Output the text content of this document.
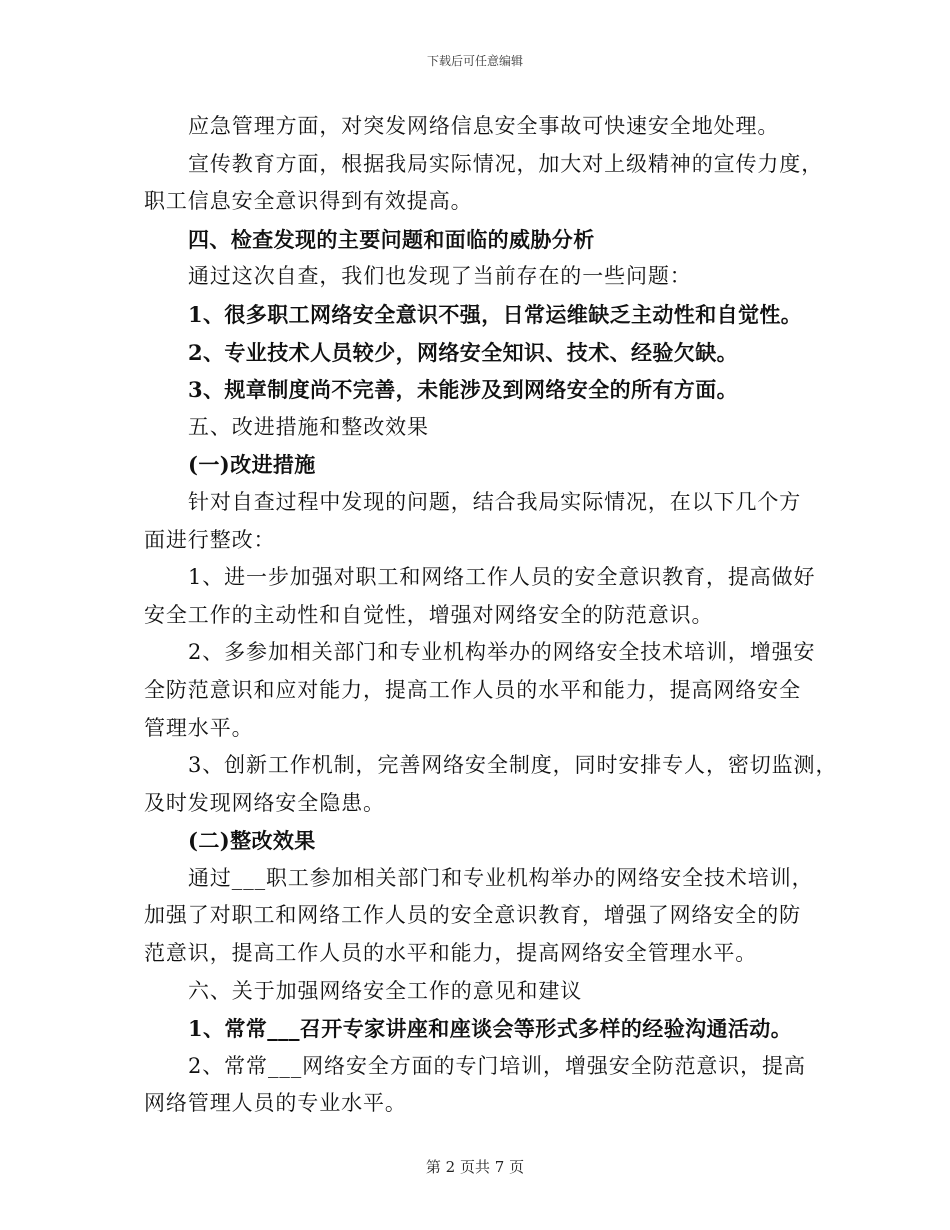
下载后可任意编辑
应急管理方面，对突发网络信息安全事故可快速安全地处理。
宣传教育方面，根据我局实际情况，加大对上级精神的宣传力度，
职工信息安全意识得到有效提高。
四、检查发现的主要问题和面临的威胁分析
通过这次自查，我们也发现了当前存在的一些问题：
1、很多职工网络安全意识不强，日常运维缺乏主动性和自觉性。
2、专业技术人员较少，网络安全知识、技术、经验欠缺。
3、规章制度尚不完善，未能涉及到网络安全的所有方面。
五、改进措施和整改效果
(一)改进措施
针对自查过程中发现的问题，结合我局实际情况，在以下几个方
面进行整改：
1、进一步加强对职工和网络工作人员的安全意识教育，提高做好
安全工作的主动性和自觉性，增强对网络安全的防范意识。
2、多参加相关部门和专业机构举办的网络安全技术培训，增强安
全防范意识和应对能力，提高工作人员的水平和能力，提高网络安全
管理水平。
3、创新工作机制，完善网络安全制度，同时安排专人，密切监测，
及时发现网络安全隐患。
(二)整改效果
通过___职工参加相关部门和专业机构举办的网络安全技术培训，
加强了对职工和网络工作人员的安全意识教育，增强了网络安全的防
范意识，提高工作人员的水平和能力，提高网络安全管理水平。
六、关于加强网络安全工作的意见和建议
1、常常___召开专家讲座和座谈会等形式多样的经验沟通活动。
2、常常___网络安全方面的专门培训，增强安全防范意识，提高
网络管理人员的专业水平。
第 2 页共 7 页
